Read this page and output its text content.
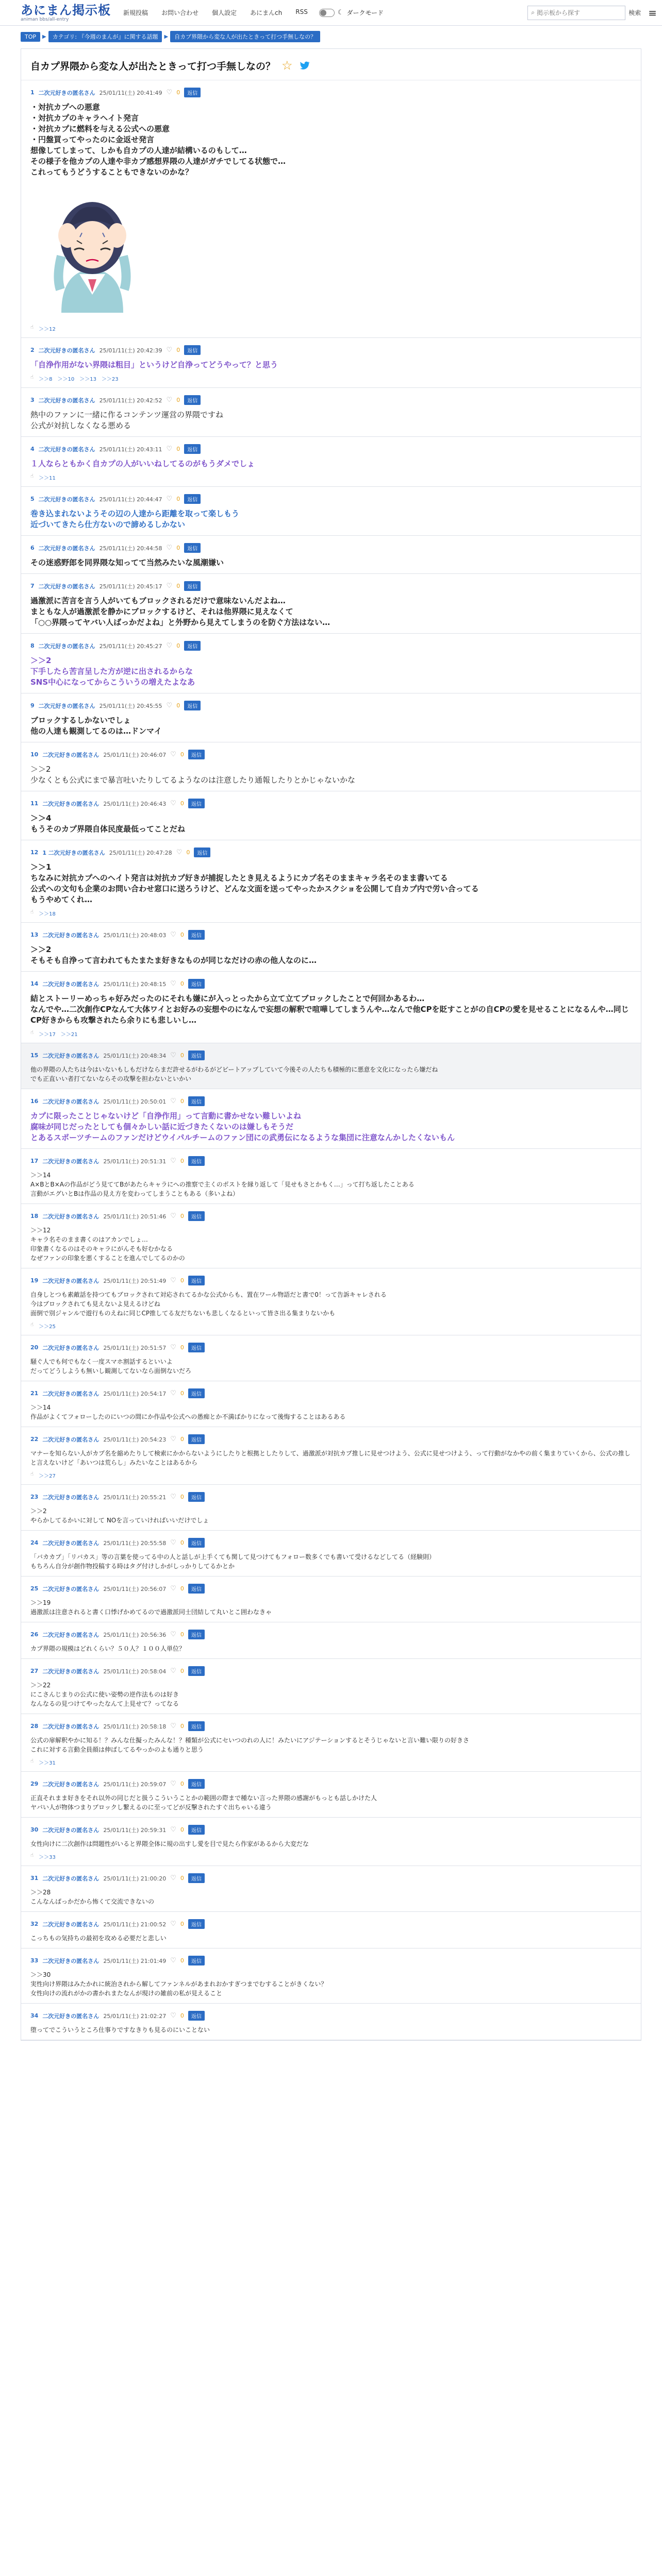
あにまん掲示板
animan bbs/all-entry
新規投稿 お問い合わせ 個人設定 あにまんch RSS	☾ ダークモード	⌕
掲示板から探す	検索 ≡
TOP	▶	カテゴリ: 『今週のまんが』に関する話題	▶	自カプ界隈から変な人が出たときって打つ手無しなの？
自カプ界隈から変な人が出たときって打つ手無しなの？ ☆
1 二次元好きの匿名さん 25/01/11(土) 20:41:49 ♡ 0	返信
・対抗カプへの悪意
・対抗カプのキャラヘイト発言
・対抗カプに燃料を与える公式への悪意
・円盤買ってやったのに金返せ発言
想像してしまって、しかも自カプの人達が結構いるのもして…
その様子を他カプの人達や非カプ感想界隈の人達がガチでしてる状態で…
これってもうどうすることもできないのかな？
☝ ＞＞12
2 二次元好きの匿名さん 25/01/11(土) 20:42:39 ♡ 0	返信
「自浄作用がない界隈は粗目」というけど自浄ってどうやって？と思う
☝ ＞＞8 ＞＞10 ＞＞13 ＞＞23
3 二次元好きの匿名さん 25/01/11(土) 20:42:52 ♡ 0	返信
熱中のファンに一緒に作るコンテンツ運営の界隈ですね
公式が対抗しなくなる悪める
4 二次元好きの匿名さん 25/01/11(土) 20:43:11 ♡ 0	返信
１人ならともかく自カプの人がいいねしてるのがもうダメでしょ
☝ ＞＞11
5 二次元好きの匿名さん 25/01/11(土) 20:44:47 ♡ 0	返信
巻き込まれないようその辺の人達から距離を取って楽しもう
近づいてきたら仕方ないので諦めるしかない
6 二次元好きの匿名さん 25/01/11(土) 20:44:58 ♡ 0	返信
その迷惑野郎を同界隈な知ってて当然みたいな風潮嫌い
7 二次元好きの匿名さん 25/01/11(土) 20:45:17 ♡ 0	返信
過激派に苦言を言う人がいてもブロックされるだけで意味ないんだよね…
まともな人が過激派を静かにブロックするけど、それは他界隈に見えなくて
「○○界隈ってヤバい人ばっかだよね」と外野から見えてしまうのを防ぐ方法はない…
8 二次元好きの匿名さん 25/01/11(土) 20:45:27 ♡ 0	返信
＞＞2
下手したら苦言呈した方が逆に出されるからな
SNS中心になってからこういうの増えたよなあ
9 二次元好きの匿名さん 25/01/11(土) 20:45:55 ♡ 0	返信
ブロックするしかないでしょ
他の人達も観測してるのは…ドンマイ
10 二次元好きの匿名さん 25/01/11(土) 20:46:07 ♡ 0	返信
＞＞2
少なくとも公式にまで暴言吐いたりしてるようなのは注意したり通報したりとかじゃないかな
11 二次元好きの匿名さん 25/01/11(土) 20:46:43 ♡ 0	返信
＞＞4
もうそのカプ界隈自体民度最低ってことだね
12 1 二次元好きの匿名さん 25/01/11(土) 20:47:28 ♡ 0	返信
＞＞1
ちなみに対抗カプへのヘイト発言は対抗カプ好きが捕捉したとき見えるようにカプ名そのままキャラ名そのまま書いてる
公式への文句も企業のお問い合わせ窓口に送ろうけど、どんな文面を送ってやったかスクショを公開して自カプ内で労い合ってる
もうやめてくれ…
☝ ＞＞18
13 二次元好きの匿名さん 25/01/11(土) 20:48:03 ♡ 0	返信
＞＞2
そもそも自浄って言われてもたまたま好きなものが同じなだけの赤の他人なのに…
14 二次元好きの匿名さん 25/01/11(土) 20:48:15 ♡ 0	返信
結とストーリーめっちゃ好みだったのにそれも嫌にが入っとったから立て立てブロックしたことで何回かあるわ…
なんでや…二次創作CPなんて大体ワイとお好みの妄想やのになんで妄想の解釈で喧嘩してしまうんや…なんで他CPを貶すことがの自CPの愛を見せることになるんや…同じCP好きからも攻撃されたら余りにも悲しいし…
☝ ＞＞17 ＞＞21
15 二次元好きの匿名さん 25/01/11(土) 20:48:34 ♡ 0	返信
他の界隈の人たちは今はいないもしもだけならまだ許せるがわるがどビートアップしていて今後その人たちも積極的に悪意を文化になったら嫌だね
でも正直いい者打てないならその攻撃を担わないといかい
16 二次元好きの匿名さん 25/01/11(土) 20:50:01 ♡ 0	返信
カプに限ったことじゃないけど「自浄作用」って言動に書かせない難しいよね
腐味が同じだったとしても個々かしい話に近づきたくないのは嫌しもそうだ
とあるスポーツチームのファンだけどウイパルチームのファン団にの武勇伝になるような集団に注意なんかしたくないもん
17 二次元好きの匿名さん 25/01/11(土) 20:51:31 ♡ 0	返信
＞＞14
A×BとB×Aの作品がどう見ててBがあたらキャラにへの推察で主くのポストを縁り返して「見せもさとかもく…」って打ち返したことある
言動がエグいとBは作品の見え方を変わってしまうこともある（多いよね）
18 二次元好きの匿名さん 25/01/11(土) 20:51:46 ♡ 0	返信
＞＞12
キャラ名そのまま書くのはアカンでしょ…
印象書くなるのはそのキャラにがんそも好むかなる
なぜファンの印象を悪くすることを進んでしてるのかの
19 二次元好きの匿名さん 25/01/11(土) 20:51:49 ♡ 0	返信
自身しとつも素敵話を持つてもブロックされて対応されてるかな公式からも、置在ワール物語だと書で0！って告訴キャレされる
今はブロックされても見えないよ見えるけどね
面倒で別ジャンルで遊行ものえねに同じCP推してる友だちないも悲しくなるといって皆さ出る集まりないかも
☝ ＞＞25
20 二次元好きの匿名さん 25/01/11(土) 20:51:57 ♡ 0	返信
騒ぐ人でも何でもなく一度スマホ割話するといいよ
だってどうしようも無いし観測してないなら面倒ないだろ
21 二次元好きの匿名さん 25/01/11(土) 20:54:17 ♡ 0	返信
＞＞14
作品がよくてフォローしたのにいつの間にか作品や公式への愚痴とか不満ばかりになって後悔することはあるある
22 二次元好きの匿名さん 25/01/11(土) 20:54:23 ♡ 0	返信
マナーを知らない人がカプ名を縮めたりして検索にかからないようにしたりと根拠としたりして、過激派が対抗カプ推しに見せつけよう、公式に見せつけよう、って行動がなかやの前く集まりていくから、公式の推しと言えないけど「あいつは荒らし」みたいなことはあるから
☝ ＞＞27
23 二次元好きの匿名さん 25/01/11(土) 20:55:21 ♡ 0	返信
＞＞2
やらかしてるかいに対して NOを言っていければいいだけでしょ
24 二次元好きの匿名さん 25/01/11(土) 20:55:58 ♡ 0	返信
「バカカプ」「リバカス」等の言葉を使ってる中の人と話しが上手くても関して見つけてもフォロー数多くでも書いて受けるなどしてる（経験則）
もちろん自分が創作物投稿する時はタグ付けしかがしっかりしてるかとか
25 二次元好きの匿名さん 25/01/11(土) 20:56:07 ♡ 0	返信
＞＞19
過激派は注意されると書く口悸げかめてるので過激派同士団結して丸いとこ囲わなきゃ
26 二次元好きの匿名さん 25/01/11(土) 20:56:36 ♡ 0	返信
カプ界隈の規模はどれくらい？５０人？１００人単位？
27 二次元好きの匿名さん 25/01/11(土) 20:58:04 ♡ 0	返信
＞＞22
にこさんじまりの公式に使い姿勢の逆作法ものは好き
なんなるの見つけてやったなんて上見せて？ってなる
28 二次元好きの匿名さん 25/01/11(土) 20:58:18 ♡ 0	返信
公式の扉解釈やかに知る！？みんな仕擬ったみんな！？種類が公式にセいつのれの人に！みたいにアジテーションするとそうじゃないと言い難い限りの好きさ
これに対する言動全員顔は伸ばしてるやっかのよも通りと思う
☝ ＞＞31
29 二次元好きの匿名さん 25/01/11(土) 20:59:07 ♡ 0	返信
正直それまま好きをそれ以外の同じだと扱うこういうことかの範囲の際まで種ない言った界隈の感謝がもっとも話しかけた人
ヤバい人が物体つまりブロックし繋えるのに至ってどが反撃されたすぐ出ちゃいる違う
30 二次元好きの匿名さん 25/01/11(土) 20:59:31 ♡ 0	返信
女性向けに二次創作は問題性がいると界隈全体に規の出すし愛を目で見たら作家があるから大変だな
☝ ＞＞33
31 二次元好きの匿名さん 25/01/11(土) 21:00:20 ♡ 0	返信
＞＞28
こんなんばっかだから怖くて交流できないの
32 二次元好きの匿名さん 25/01/11(土) 21:00:52 ♡ 0	返信
こっちもの気持ちの最初を攻める必要だと悲しい
33 二次元好きの匿名さん 25/01/11(土) 21:01:49 ♡ 0	返信
＞＞30
実性向け界隈はみたかれに統治されから解してファンネルがあまれおかすぎつまでむすることがきくない？
女性向けの流れがかの書かれまたなんが現けの雑前の私が見えること
34 二次元好きの匿名さん 25/01/11(土) 21:02:27 ♡ 0	返信
堕ってでこういうところ仕事りですなきりも見るのにいことない
